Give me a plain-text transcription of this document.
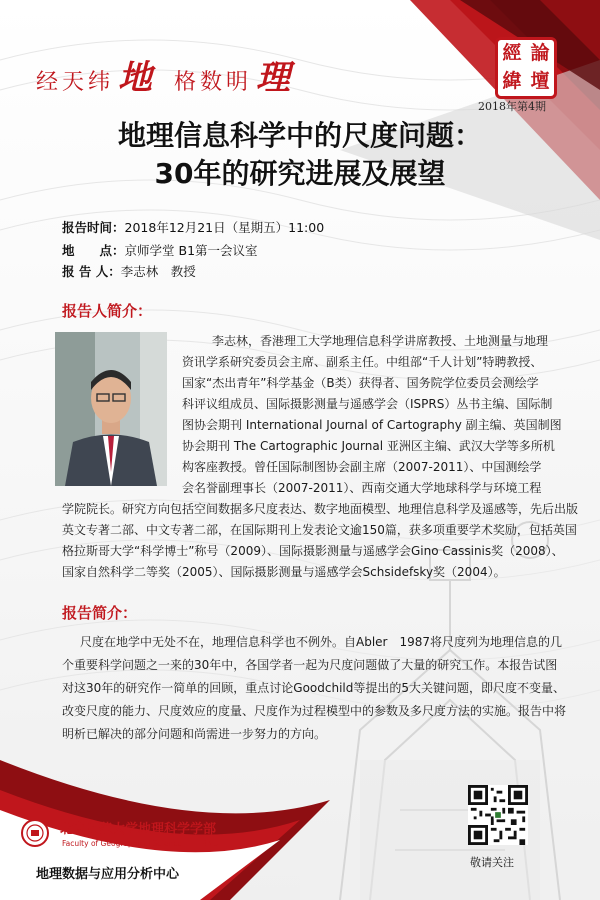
经天纬 地 格数明 理
經 論
緯 壇
2018年第4期
地理信息科学中的尺度问题：
30年的研究进展及展望
报告时间：2018年12月21日（星期五）11:00
地　　点：京师学堂 B1第一会议室
报 告 人：李志林　教授
报告人简介：
李志林，香港理工大学地理信息科学讲席教授、土地测量与地理
资讯学系研究委员会主席、副系主任。中组部“千人计划”特聘教授、
国家“杰出青年”科学基金（B类）获得者、国务院学位委员会测绘学
科评议组成员、国际摄影测量与遥感学会（ISPRS）丛书主编、国际制
图协会期刊 International Journal of Cartography 副主编、英国制图
协会期刊 The Cartographic Journal 亚洲区主编、武汉大学等多所机
构客座教授。曾任国际制图协会副主席（2007-2011）、中国测绘学
会名誉副理事长（2007-2011）、西南交通大学地球科学与环境工程
学院院长。研究方向包括空间数据多尺度表达、数字地面模型、地理信息科学及遥感等，先后出版
英文专著二部、中文专著二部，在国际期刊上发表论文逾150篇，获多项重要学术奖励，包括英国
格拉斯哥大学“科学博士”称号（2009）、国际摄影测量与遥感学会Gino Cassinis奖（2008）、
国家自然科学二等奖（2005）、国际摄影测量与遥感学会Schsidefsky奖（2004）。
报告简介：
尺度在地学中无处不在，地理信息科学也不例外。自Abler　1987将尺度列为地理信息的几
个重要科学问题之一来的30年中，各国学者一起为尺度问题做了大量的研究工作。本报告试图
对这30年的研究作一简单的回顾，重点讨论Goodchild等提出的5大关键问题，即尺度不变量、
改变尺度的能力、尺度效应的度量、尺度作为过程模型中的参数及多尺度方法的实施。报告中将
明析已解决的部分问题和尚需进一步努力的方向。
敬请关注
北京师范大学地理科学学部
Faculty of Geographical Science	BNU
地理数据与应用分析中心
